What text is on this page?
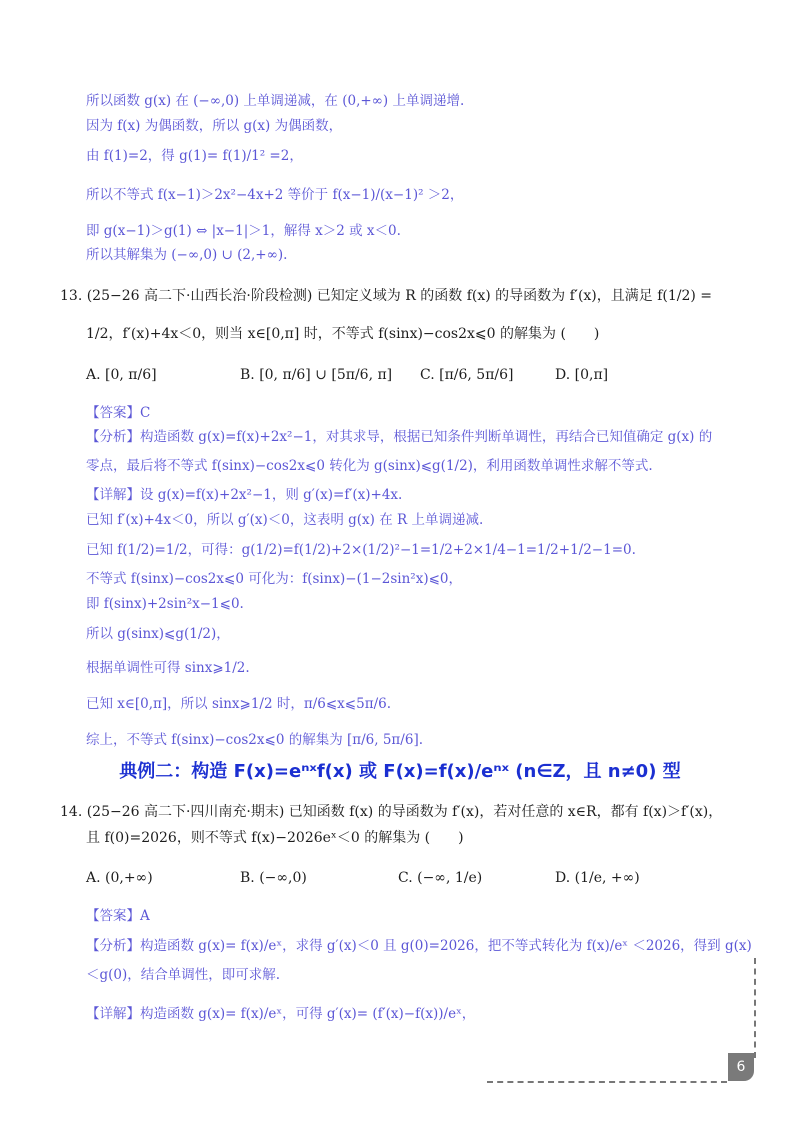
所以函数 g(x) 在 (−∞,0) 上单调递减，在 (0,+∞) 上单调递增.
因为 f(x) 为偶函数，所以 g(x) 为偶函数，
由 f(1)=2，得 g(1)= f(1)/1² =2，
所以不等式 f(x−1)＞2x²−4x+2 等价于 f(x−1)/(x−1)² ＞2，
即 g(x−1)＞g(1) ⇔ |x−1|＞1，解得 x＞2 或 x＜0.
所以其解集为 (−∞,0) ∪ (2,+∞).
13. (25−26 高二下·山西长治·阶段检测) 已知定义域为 R 的函数 f(x) 的导函数为 f′(x)，且满足 f(1/2) =
1/2，f′(x)+4x＜0，则当 x∈[0,π] 时，不等式 f(sinx)−cos2x⩽0 的解集为 (　　)
A. [0, π/6]	B. [0, π/6] ∪ [5π/6, π] C. [π/6, 5π/6]	D. [0,π]
【答案】C
【分析】构造函数 g(x)=f(x)+2x²−1，对其求导，根据已知条件判断单调性，再结合已知值确定 g(x) 的
零点，最后将不等式 f(sinx)−cos2x⩽0 转化为 g(sinx)⩽g(1/2)，利用函数单调性求解不等式.
【详解】设 g(x)=f(x)+2x²−1，则 g′(x)=f′(x)+4x.
已知 f′(x)+4x＜0，所以 g′(x)＜0，这表明 g(x) 在 R 上单调递减.
已知 f(1/2)=1/2，可得：g(1/2)=f(1/2)+2×(1/2)²−1=1/2+2×1/4−1=1/2+1/2−1=0.
不等式 f(sinx)−cos2x⩽0 可化为：f(sinx)−(1−2sin²x)⩽0，
即 f(sinx)+2sin²x−1⩽0.
所以 g(sinx)⩽g(1/2)，
根据单调性可得 sinx⩾1/2.
已知 x∈[0,π]，所以 sinx⩾1/2 时，π/6⩽x⩽5π/6.
综上，不等式 f(sinx)−cos2x⩽0 的解集为 [π/6, 5π/6].
典例二：构造 F(x)=eⁿˣf(x) 或 F(x)=f(x)/eⁿˣ (n∈Z，且 n≠0) 型
14. (25−26 高二下·四川南充·期末) 已知函数 f(x) 的导函数为 f′(x)，若对任意的 x∈R，都有 f(x)＞f′(x)，
且 f(0)=2026，则不等式 f(x)−2026eˣ＜0 的解集为 (　　)
A. (0,+∞)	B. (−∞,0)	C. (−∞, 1/e)	D. (1/e, +∞)
【答案】A
【分析】构造函数 g(x)= f(x)/eˣ，求得 g′(x)＜0 且 g(0)=2026，把不等式转化为 f(x)/eˣ ＜2026，得到 g(x)
＜g(0)，结合单调性，即可求解.
【详解】构造函数 g(x)= f(x)/eˣ，可得 g′(x)= (f′(x)−f(x))/eˣ，
6
